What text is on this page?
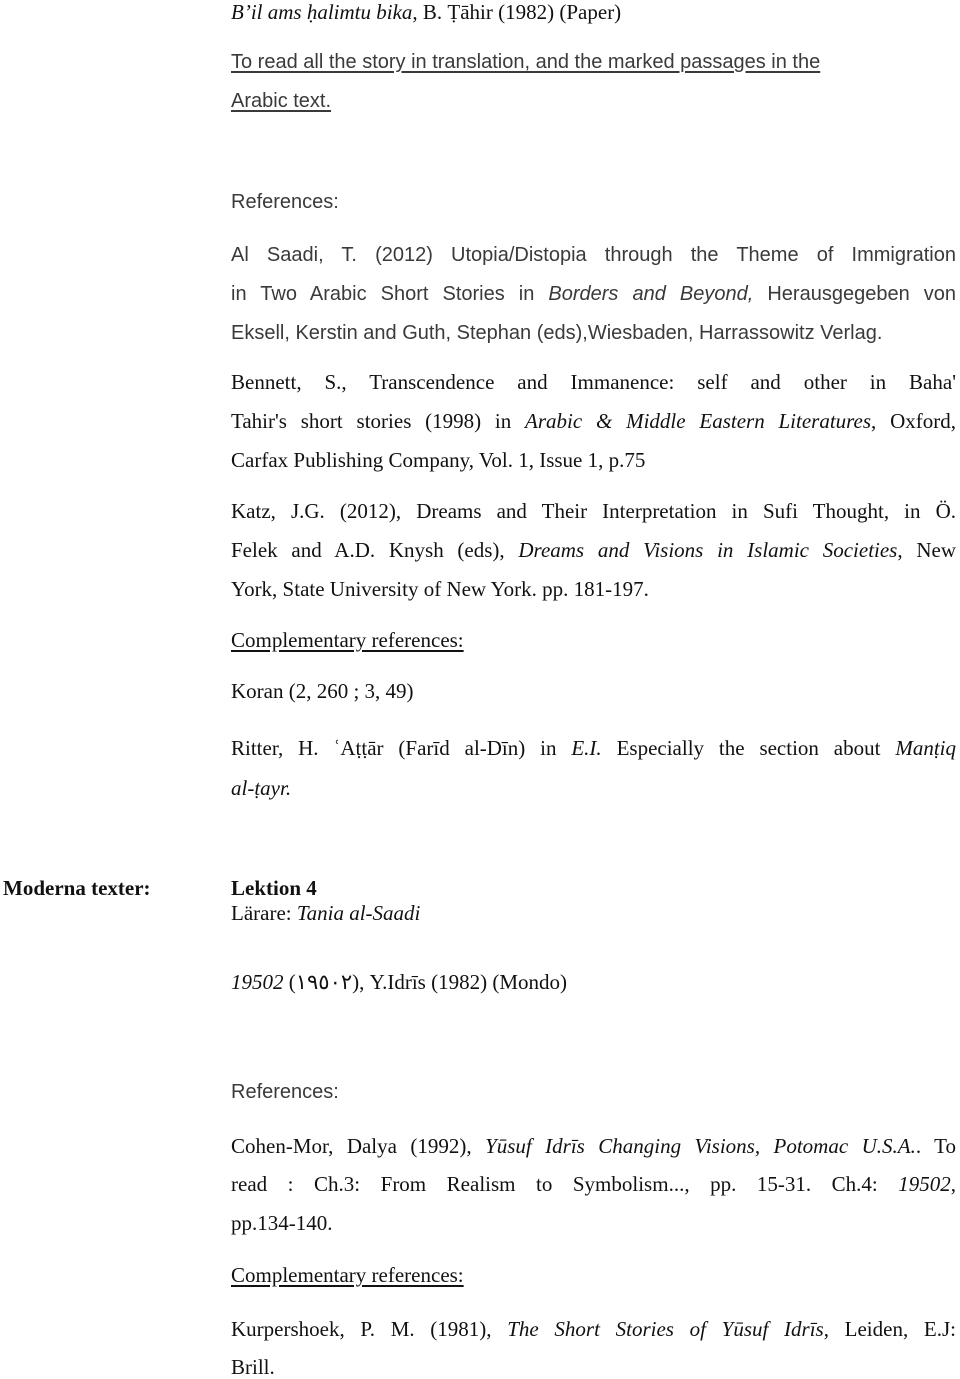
B’il ams ḥalimtu bika, B. Ṭāhir (1982) (Paper)
To read all the story in translation, and the marked passages in the
Arabic text.
References:
Al Saadi, T. (2012) Utopia/Distopia through the Theme of Immigration
in Two Arabic Short Stories in Borders and Beyond, Herausgegeben von
Eksell, Kerstin and Guth, Stephan (eds),Wiesbaden, Harrassowitz Verlag.
Bennett, S., Transcendence and Immanence: self and other in Baha'
Tahir's short stories (1998) in Arabic & Middle Eastern Literatures, Oxford,
Carfax Publishing Company, Vol. 1, Issue 1, p.75
Katz, J.G. (2012), Dreams and Their Interpretation in Sufi Thought, in Ö.
Felek and A.D. Knysh (eds), Dreams and Visions in Islamic Societies, New
York, State University of New York. pp. 181-197.
Complementary references:
Koran (2, 260 ; 3, 49)
Ritter, H. ʿAṭṭār (Farīd al-Dīn) in E.I. Especially the section about Manṭiq
al-ṭayr.
Moderna texter:	Lektion 4
Lärare: Tania al-Saadi
19502 (١٩٥٠٢), Y.Idrīs (1982) (Mondo)
References:
Cohen-Mor, Dalya (1992), Yūsuf Idrīs Changing Visions, Potomac U.S.A.. To
read : Ch.3: From Realism to Symbolism..., pp. 15-31. Ch.4: 19502,
pp.134-140.
Complementary references:
Kurpershoek, P. M. (1981), The Short Stories of Yūsuf Idrīs, Leiden, E.J:
Brill.
